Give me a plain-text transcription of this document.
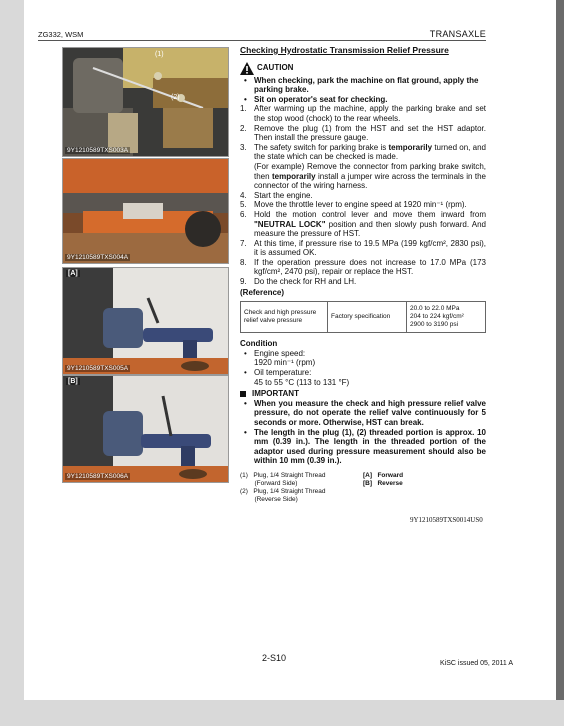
ZG332, WSM	TRANSAXLE
(1)
(2)
9Y1210589TXS003A
9Y1210589TXS004A
[A]
9Y1210589TXS005A
[B]
9Y1210589TXS006A
Checking Hydrostatic Transmission Relief Pressure
CAUTION

• When checking, park the machine on flat ground, apply the parking brake.

• Sit on operator's seat for checking.

1. After warming up the machine, apply the parking brake and set the stop wood (chock) to the rear wheels.
2. Remove the plug (1) from the HST and set the HST adaptor. Then install the pressure gauge.
3. The safety switch for parking brake is temporarily turned on, and the state which can be checked is made.
(For example) Remove the connector from parking brake switch, then temporarily install a jumper wire across the terminals in the connector of the wiring harness.
4. Start the engine.
5. Move the throttle lever to engine speed at 1920 min⁻¹ (rpm).
6. Hold the motion control lever and move them inward from "NEUTRAL LOCK" position and then slowly push forward. And measure the pressure of HST.
7. At this time, if pressure rise to 19.5 MPa (199 kgf/cm², 2830 psi), it is assumed OK.
8. If the operation pressure does not increase to 17.0 MPa (173 kgf/cm², 2470 psi), repair or replace the HST.
9. Do the check for RH and LH.
(Reference)
Check and high pressure relief valve pressure	Factory specification	
20.0 to 22.0 MPa
204 to 224 kgf/cm²
2900 to 3190 psi
Condition

• Engine speed:

1920 min⁻¹ (rpm)

• Oil temperature:

45 to 55 °C (113 to 131 °F)
IMPORTANT

• When you measure the check and high pressure relief valve pressure, do not operate the relief valve continuously for 5 seconds or more. Otherwise, HST can break.

• The length in the plug (1), (2) threaded portion is approx. 10 mm (0.39 in.). The length in the threaded portion of the adaptor used during pressure measurement should also be within 10 mm (0.39 in.).

(1)   Plug, 1/4 Straight Thread
(Forward Side)
(2)   Plug, 1/4 Straight Thread
(Reverse Side)
[A] Forward
[B] Reverse
9Y1210589TXS0014US0
2-S10
KiSC issued 05, 2011 A
